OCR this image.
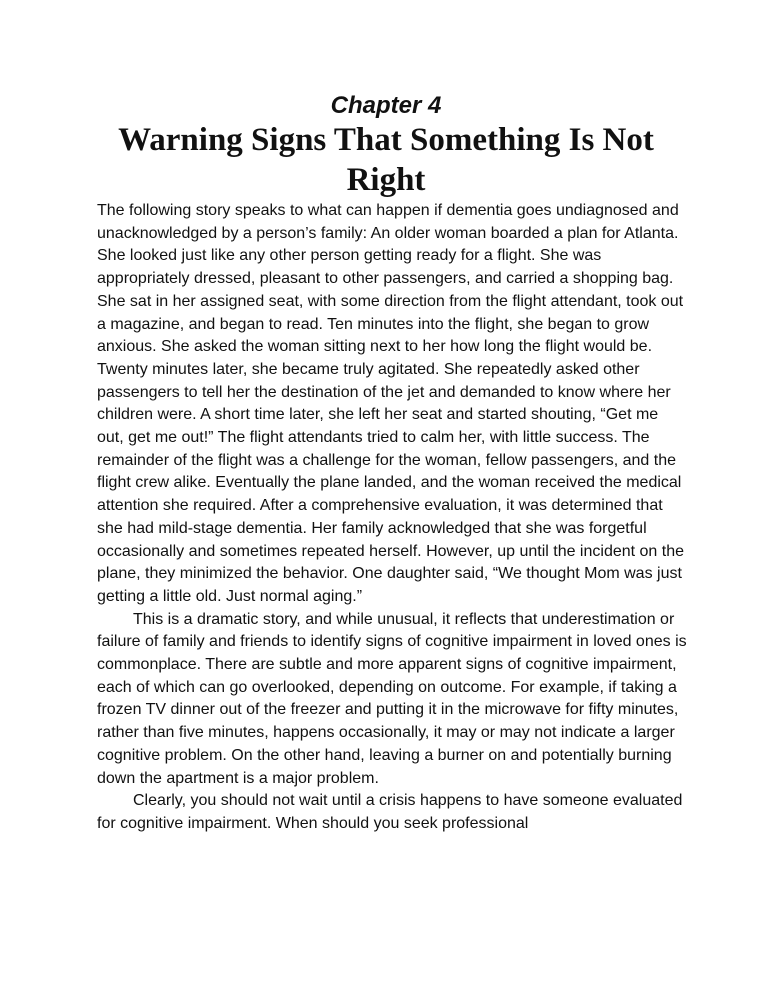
Chapter 4
Warning Signs That Something Is Not Right

The following story speaks to what can happen if dementia goes undiagnosed and unacknowledged by a person’s family: An older woman boarded a plan for Atlanta. She looked just like any other person getting ready for a flight. She was appropriately dressed, pleasant to other passengers, and carried a shopping bag. She sat in her assigned seat, with some direction from the flight attendant, took out a magazine, and began to read. Ten minutes into the flight, she began to grow anxious. She asked the woman sitting next to her how long the flight would be. Twenty minutes later, she became truly agitated. She repeatedly asked other passengers to tell her the destination of the jet and demanded to know where her children were. A short time later, she left her seat and started shouting, “Get me out, get me out!” The flight attendants tried to calm her, with little success. The remainder of the flight was a challenge for the woman, fellow passengers, and the flight crew alike. Eventually the plane landed, and the woman received the medical attention she required. After a comprehensive evaluation, it was determined that she had mild-stage dementia. Her family acknowledged that she was forgetful occasionally and sometimes repeated herself. However, up until the incident on the plane, they minimized the behavior. One daughter said, “We thought Mom was just getting a little old. Just normal aging.”

This is a dramatic story, and while unusual, it reflects that underestimation or failure of family and friends to identify signs of cognitive impairment in loved ones is commonplace. There are subtle and more apparent signs of cognitive impairment, each of which can go overlooked, depending on outcome. For example, if taking a frozen TV dinner out of the freezer and putting it in the microwave for fifty minutes, rather than five minutes, happens occasionally, it may or may not indicate a larger cognitive problem. On the other hand, leaving a burner on and potentially burning down the apartment is a major problem.

Clearly, you should not wait until a crisis happens to have someone evaluated for cognitive impairment. When should you seek professional
